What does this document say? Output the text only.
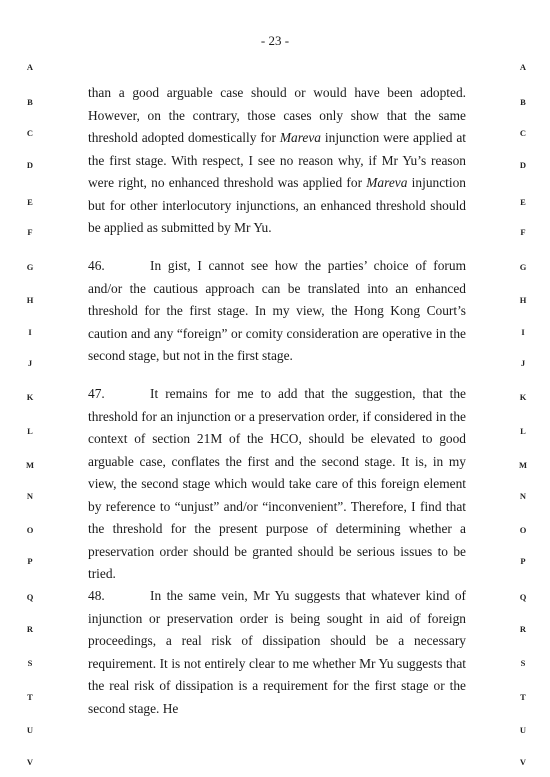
- 23 -
A	A
B	B
C	C
D	D
E	E
F	F
G	G
H	H
I	I
J	J
K	K
L	L
M	M
N	N
O	O
P	P
Q	Q
R	R
S	S
T	T
U	U
V	V
than a good arguable case should or would have been adopted. However, on the contrary, those cases only show that the same threshold adopted domestically for Mareva injunction were applied at the first stage. With respect, I see no reason why, if Mr Yu’s reason were right, no enhanced threshold was applied for Mareva injunction but for other interlocutory injunctions, an enhanced threshold should be applied as submitted by Mr Yu.
46.	In gist, I cannot see how the parties’ choice of forum and/or the cautious approach can be translated into an enhanced threshold for the first stage. In my view, the Hong Kong Court’s caution and any “foreign” or comity consideration are operative in the second stage, but not in the first stage.
47.	It remains for me to add that the suggestion, that the threshold for an injunction or a preservation order, if considered in the context of section 21M of the HCO, should be elevated to good arguable case, conflates the first and the second stage. It is, in my view, the second stage which would take care of this foreign element by reference to “unjust” and/or “inconvenient”. Therefore, I find that the threshold for the present purpose of determining whether a preservation order should be granted should be serious issues to be tried.
48.	In the same vein, Mr Yu suggests that whatever kind of injunction or preservation order is being sought in aid of foreign proceedings, a real risk of dissipation should be a necessary requirement. It is not entirely clear to me whether Mr Yu suggests that the real risk of dissipation is a requirement for the first stage or the second stage. He
